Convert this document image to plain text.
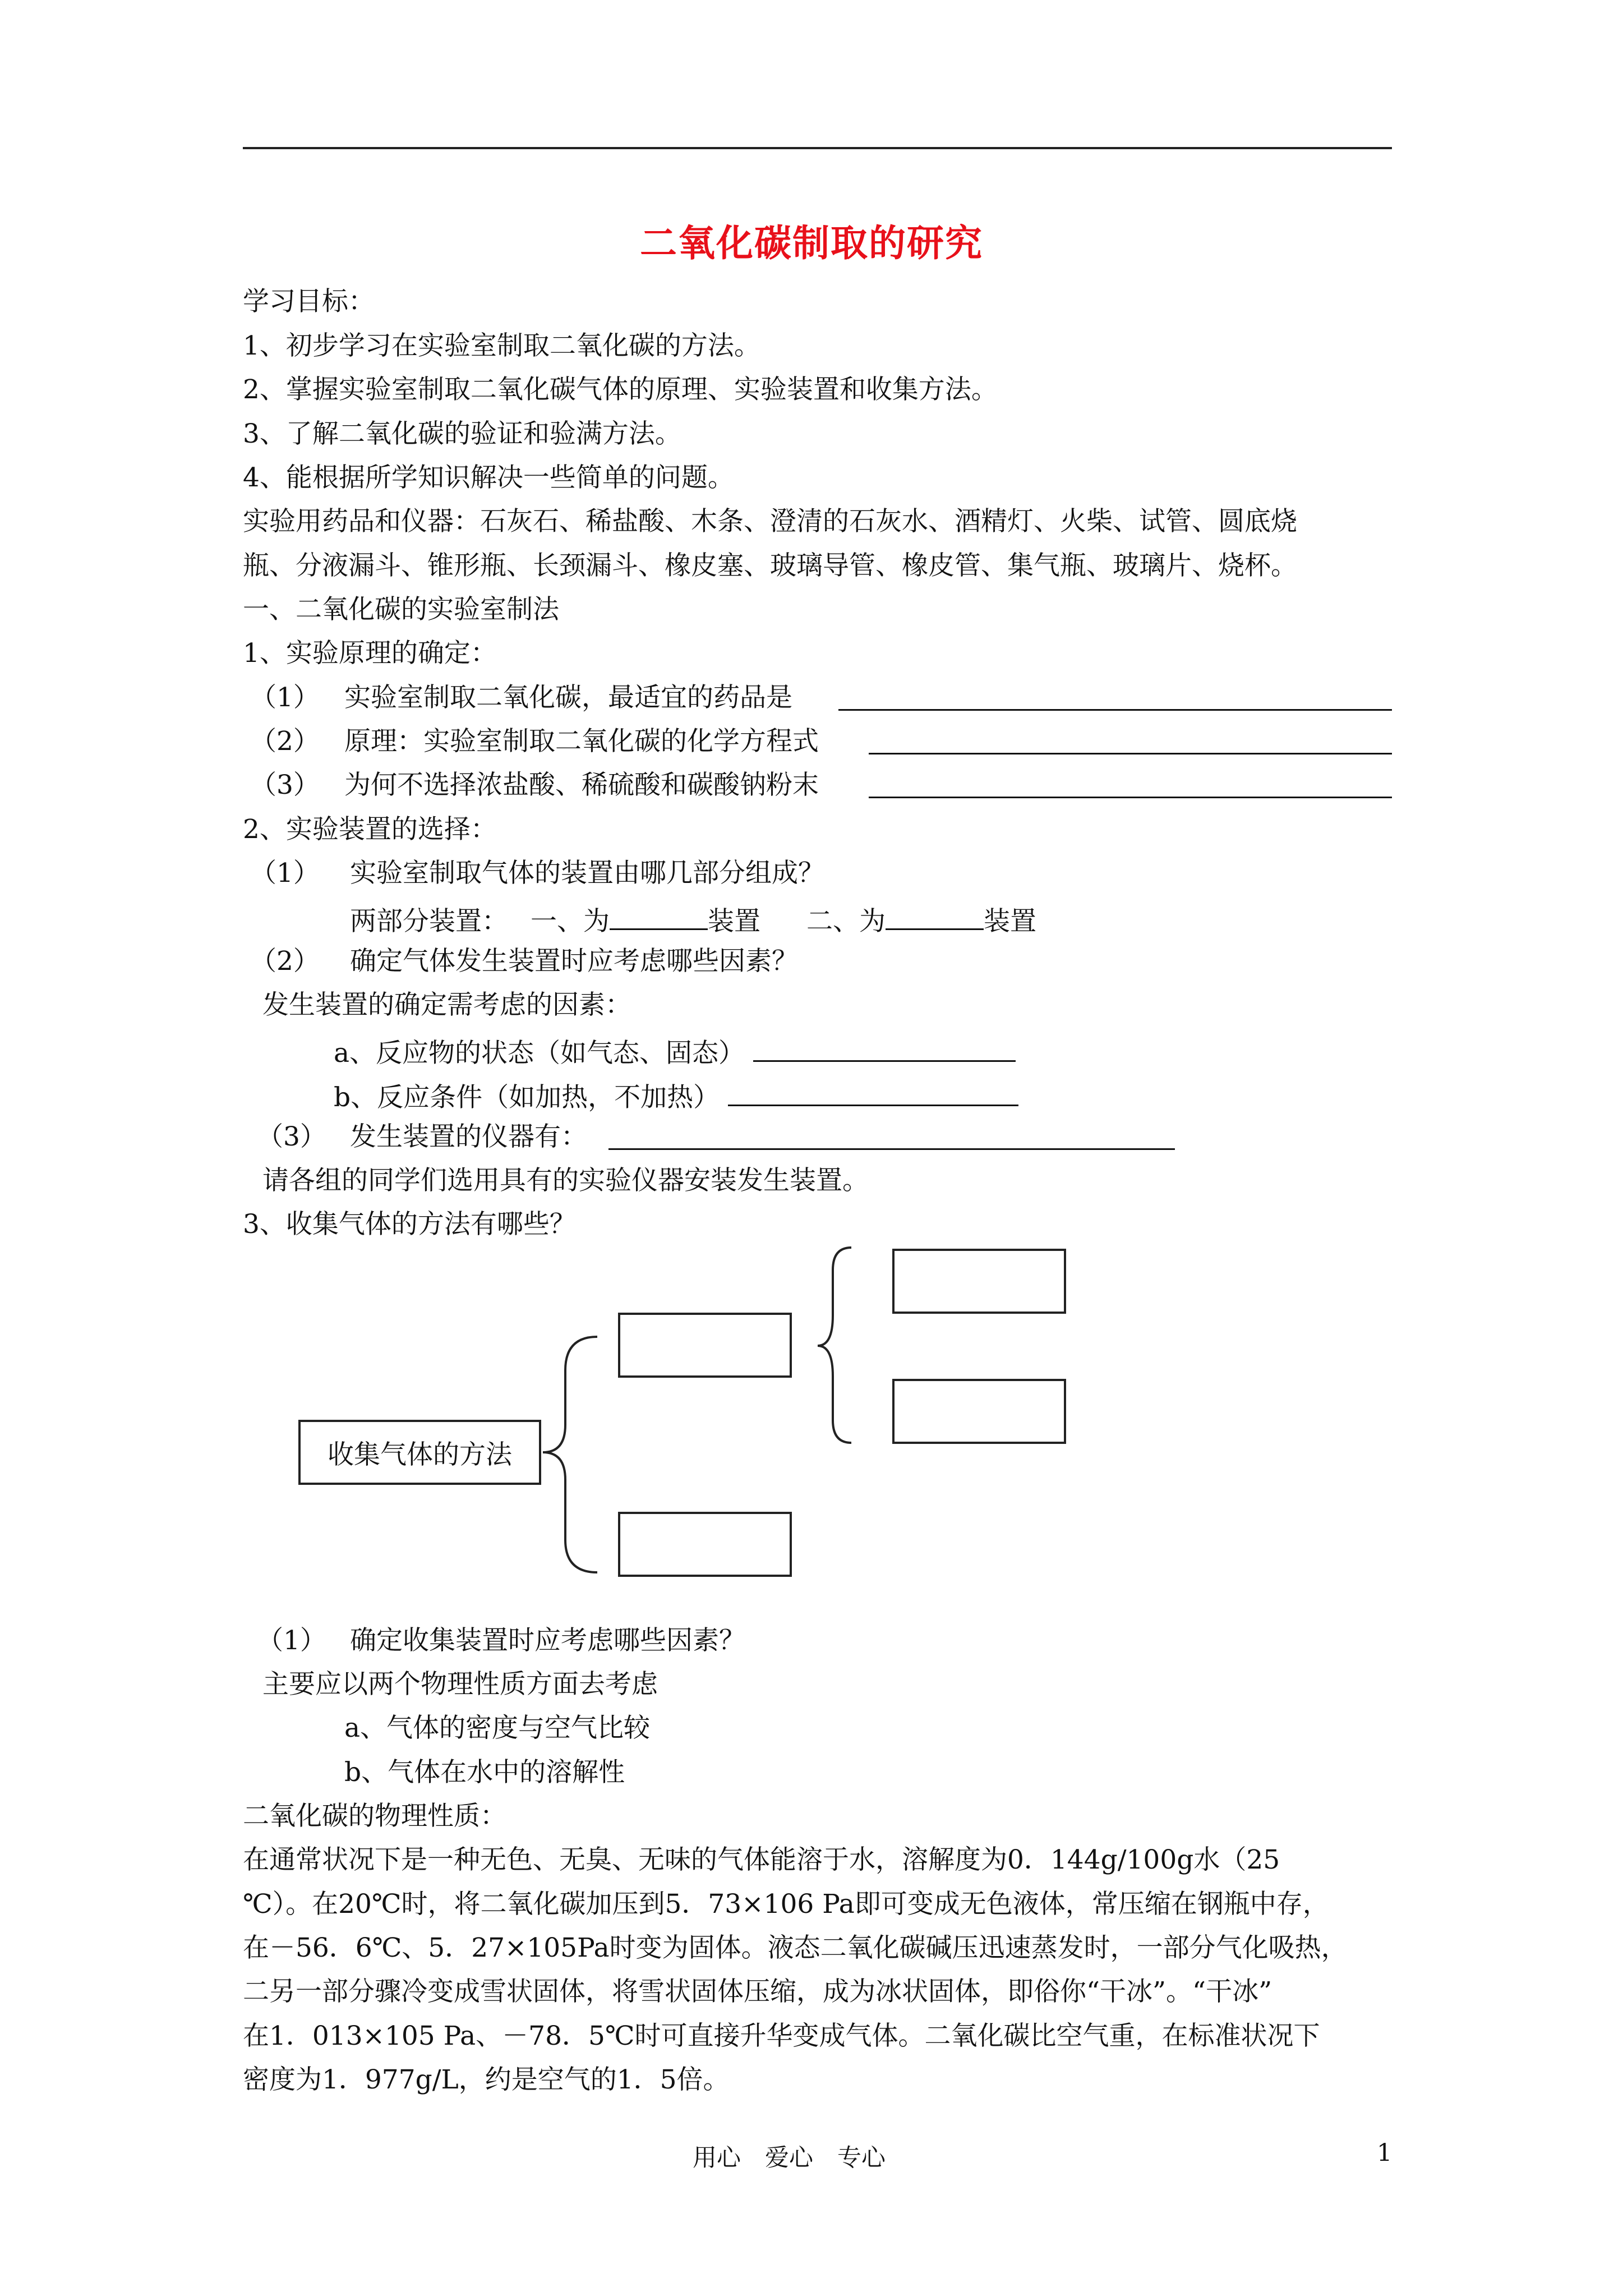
二氧化碳制取的研究
学习目标：
1、初步学习在实验室制取二氧化碳的方法。
2、掌握实验室制取二氧化碳气体的原理、实验装置和收集方法。
3、了解二氧化碳的验证和验满方法。
4、能根据所学知识解决一些简单的问题。
实验用药品和仪器：石灰石、稀盐酸、木条、澄清的石灰水、酒精灯、火柴、试管、圆底烧
瓶、分液漏斗、锥形瓶、长颈漏斗、橡皮塞、玻璃导管、橡皮管、集气瓶、玻璃片、烧杯。
一、二氧化碳的实验室制法
1、实验原理的确定：
（1） 实验室制取二氧化碳，最适宜的药品是
（2） 原理：实验室制取二氧化碳的化学方程式
（3） 为何不选择浓盐酸、稀硫酸和碳酸钠粉末
2、实验装置的选择：
（1） 实验室制取气体的装置由哪几部分组成？
两部分装置： 一、为	装置 二、为	装置
（2） 确定气体发生装置时应考虑哪些因素？
发生装置的确定需考虑的因素：
a、反应物的状态（如气态、固态）
b、反应条件（如加热，不加热）
（3） 发生装置的仪器有：
请各组的同学们选用具有的实验仪器安装发生装置。
3、收集气体的方法有哪些？
收集气体的方法
（1） 确定收集装置时应考虑哪些因素？
主要应以两个物理性质方面去考虑
a、气体的密度与空气比较
b、气体在水中的溶解性
二氧化碳的物理性质：
在通常状况下是一种无色、无臭、无味的气体能溶于水，溶解度为0．144g/100g水（25
℃）。在20℃时，将二氧化碳加压到5．73×106 Pa即可变成无色液体，常压缩在钢瓶中存，
在－56．6℃、5．27×105Pa时变为固体。液态二氧化碳碱压迅速蒸发时，一部分气化吸热，
二另一部分骤冷变成雪状固体，将雪状固体压缩，成为冰状固体，即俗你“干冰”。“干冰”
在1．013×105 Pa、－78．5℃时可直接升华变成气体。二氧化碳比空气重，在标准状况下
密度为1．977g/L，约是空气的1．5倍。
用心　爱心　专心	1
